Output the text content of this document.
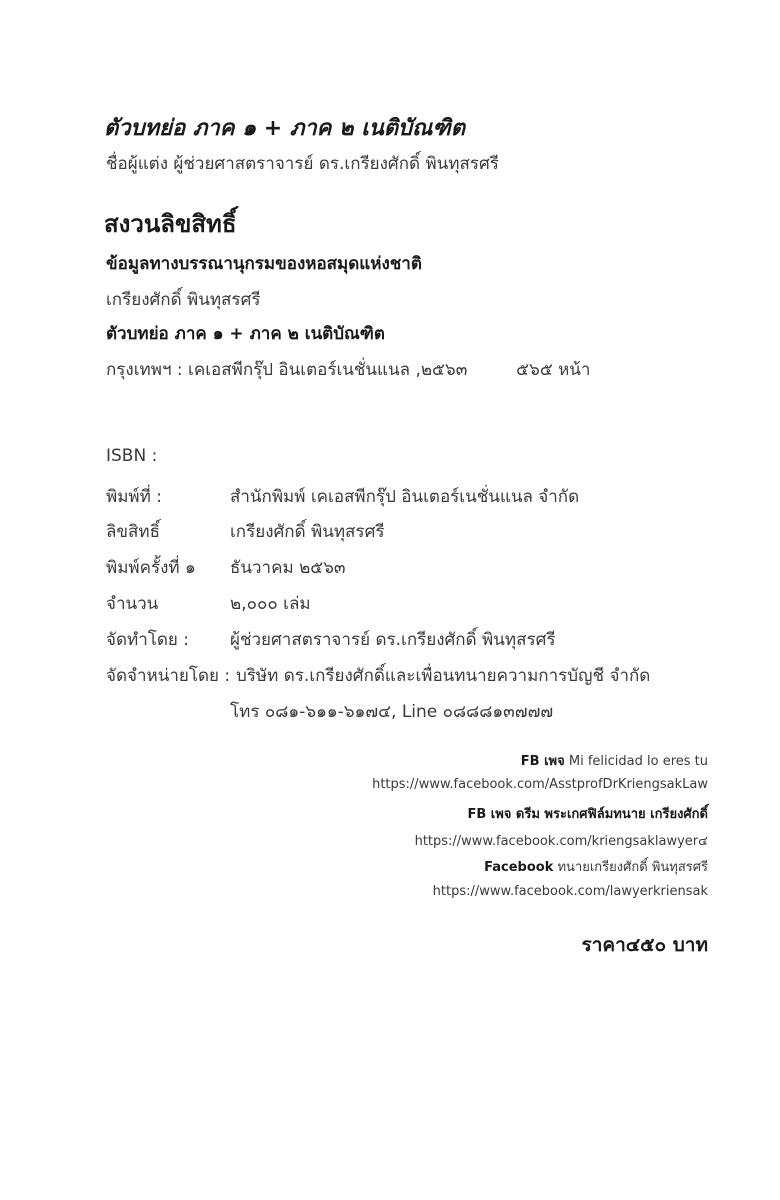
ตัวบทย่อ ภาค ๑ + ภาค ๒ เนติบัณฑิต
ชื่อผู้แต่ง ผู้ช่วยศาสตราจารย์ ดร.เกรียงศักดิ์ พินทุสรศรี
สงวนลิขสิทธิ์
ข้อมูลทางบรรณานุกรมของหอสมุดแห่งชาติ
เกรียงศักดิ์ พินทุสรศรี
ตัวบทย่อ ภาค ๑ + ภาค ๒ เนติบัณฑิต
กรุงเทพฯ : เคเอสพีกรุ๊ป อินเตอร์เนชั่นแนล ,๒๕๖๓	๕๖๕ หน้า
ISBN :
พิมพ์ที่ :	สำนักพิมพ์ เคเอสพีกรุ๊ป อินเตอร์เนชั่นแนล จำกัด
ลิขสิทธิ์	เกรียงศักดิ์ พินทุสรศรี
พิมพ์ครั้งที่ ๑ ธันวาคม ๒๕๖๓
จำนวน	๒,๐๐๐ เล่ม
จัดทำโดย : ผู้ช่วยศาสตราจารย์ ดร.เกรียงศักดิ์ พินทุสรศรี
จัดจำหน่ายโดย : บริษัท ดร.เกรียงศักดิ์และเพื่อนทนายความการบัญชี จำกัด
โทร ๐๘๑-๖๑๑-๖๑๗๔, Line ๐๘๘๘๑๓๗๗๗
FB เพจ Mi felicidad lo eres tu
https://www.facebook.com/AsstprofDrKriengsakLaw
FB เพจ ดรีม พระเกศฟิล์มทนาย เกรียงศักดิ์
https://www.facebook.com/kriengsaklawyer๔
Facebook ทนายเกรียงศักดิ์ พินทุสรศรี
https://www.facebook.com/lawyerkriensak
ราคา๔๕๐ บาท
